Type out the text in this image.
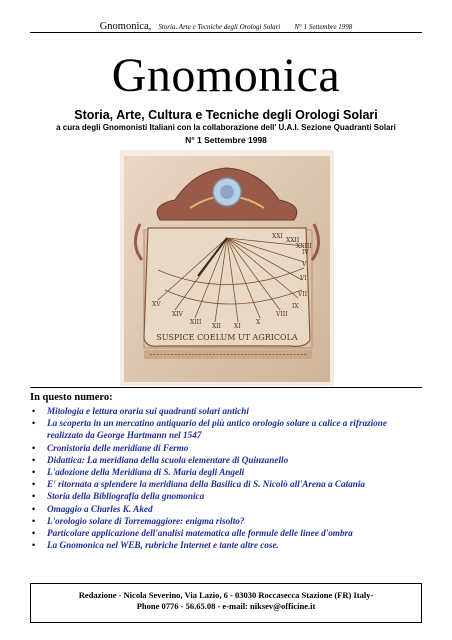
Gnomonica, Storia, Arte e Tecniche degli Orologi Solari N° 1 Settembre 1998
Gnomonica
Storia, Arte, Cultura e Tecniche degli Orologi Solari
a cura degli Gnomonisti Italiani con la collaborazione dell' U.A.I. Sezione Quadranti Solari
N° 1 Settembre 1998
XV
XIV
XIII
XII XI
X
VIII
IX
VII
VI
V
IV
XXI
XXII
XXIII
SUSPICE COELUM UT AGRICOLA
In questo numero:
• Mitologia e lettura oraria sui quadranti solari antichi
• La scoperta in un mercatino antiquario del più antico orologio solare a calice a rifrazione realizzato da George Hartmann nel 1547
• Cronistoria delle meridiane di Fermo
• Didattica: La meridiana della scuola elementare di Quinzanello
• L'adozione della Meridiana di S. Maria degli Angeli
• E' ritornata a splendere la meridiana della Basilica di S. Nicolò all'Arena a Catania
• Storia della Bibliografia della gnomonica
• Omaggio a Charles K. Aked
• L'orologio solare di Torremaggiore: enigma risolto?
• Particolare applicazione dell'analisi matematica alle formule delle linee d'ombra
• La Gnomonica nel WEB, rubriche Internet e tante altre cose.
Redazione - Nicola Severino, Via Lazio, 6 - 03030 Roccasecca Stazione (FR) Italy-
Phone 0776 - 56.65.08 - e-mail: niksev@officine.it
